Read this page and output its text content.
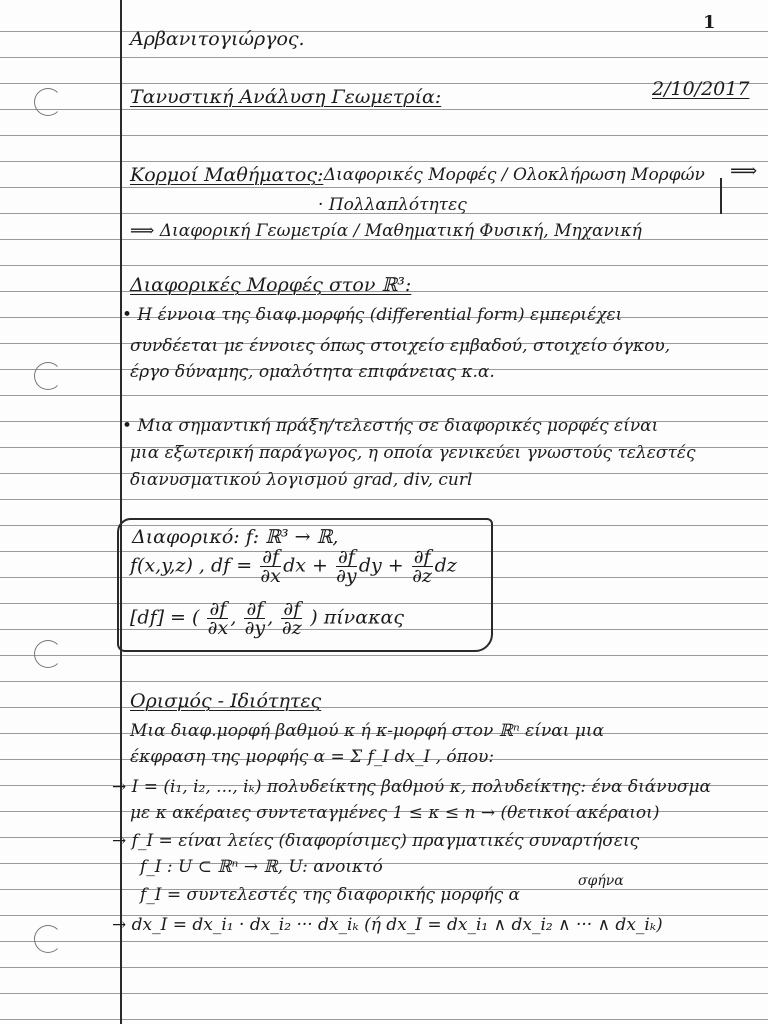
1
Αρβανιτογιώργος.
Τανυστική Ανάλυση Γεωμετρία:	2/10/2017
Κορμοί Μαθήματος:
· Διαφορικές Μορφές / Ολοκλήρωση Μορφών ⟹
· Πολλαπλότητες
⟹ Διαφορική Γεωμετρία / Μαθηματική Φυσική, Μηχανική
Διαφορικές Μορφές στον ℝ³:
• Η έννοια της διαφ.μορφής (differential form) εμπεριέχει
συνδέεται με έννοιες όπως στοιχείο εμβαδού, στοιχείο όγκου,
έργο δύναμης, ομαλότητα επιφάνειας κ.α.
• Μια σημαντική πράξη/τελεστής σε διαφορικές μορφές είναι
μια εξωτερική παράγωγος, η οποία γενικεύει γνωστούς τελεστές
διανυσματικού λογισμού grad, div, curl
Διαφορικό: f: ℝ³ → ℝ,
f(x,y,z) , df = $\frac{\partial f}{\partial x}$ dx + $\frac{\partial f}{\partial y}$ dy + $\frac{\partial f}{\partial z}$ dz
[df] = ( $\frac{\partial f}{\partial x}$ , $\frac{\partial f}{\partial y}$ , $\frac{\partial f}{\partial z}$ ) πίνακας
Ορισμός - Ιδιότητες
Μια διαφ.μορφή βαθμού κ ή κ-μορφή στον ℝⁿ είναι μια
έκφραση της μορφής α = Σ f_I dx_I , όπου:
→ I = (i₁, i₂, ..., iₖ) πολυδείκτης βαθμού κ, πολυδείκτης: ένα διάνυσμα
με κ ακέραιες συντεταγμένες 1 ≤ κ ≤ n → (θετικοί ακέραιοι)
→ f_I = είναι λείες (διαφορίσιμες) πραγματικές συναρτήσεις
f_I : U ⊂ ℝⁿ → ℝ, U: ανοικτό
f_I = συντελεστές της διαφορικής μορφής α
σφήνα
→ dx_I = dx_i₁ · dx_i₂ ··· dx_iₖ (ή dx_I = dx_i₁ ∧ dx_i₂ ∧ ··· ∧ dx_iₖ)
